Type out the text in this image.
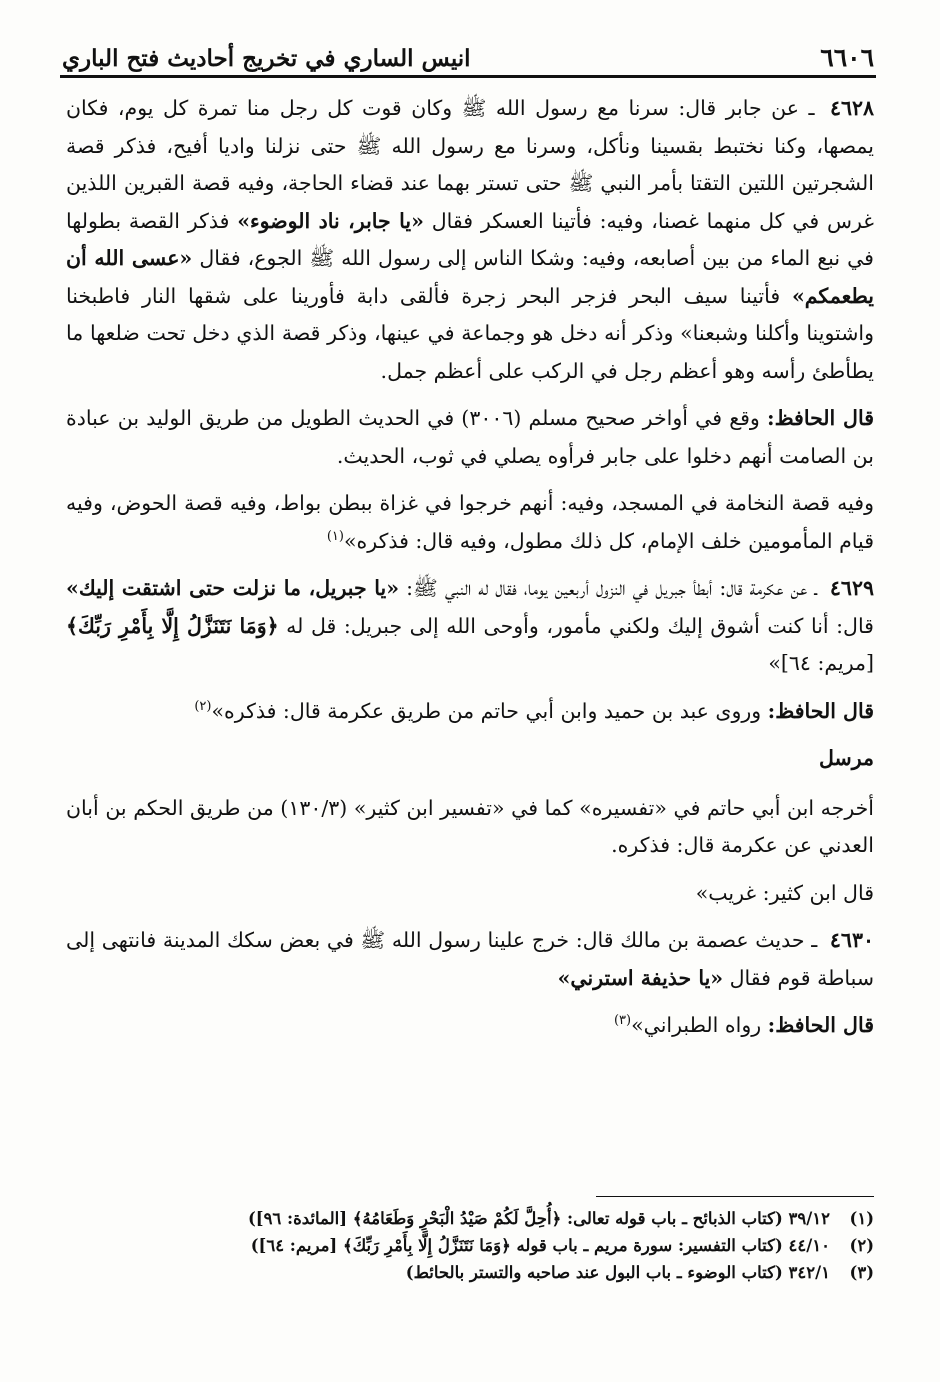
٦٦٠٦
انيس الساري في تخريج أحاديث فتح الباري

٤٦٢٨ ـ عن جابر قال: سرنا مع رسول الله ﷺ وكان قوت كل رجل منا تمرة كل يوم، فكان يمصها، وكنا نختبط بقسينا ونأكل، وسرنا مع رسول الله ﷺ حتى نزلنا واديا أفيح، فذكر قصة الشجرتين اللتين التقتا بأمر النبي ﷺ حتى تستر بهما عند قضاء الحاجة، وفيه قصة القبرين اللذين غرس في كل منهما غصنا، وفيه: فأتينا العسكر فقال «يا جابر، ناد الوضوء» فذكر القصة بطولها في نبع الماء من بين أصابعه، وفيه: وشكا الناس إلى رسول الله ﷺ الجوع، فقال «عسى الله أن يطعمكم» فأتينا سيف البحر فزجر البحر زجرة فألقى دابة فأورينا على شقها النار فاطبخنا واشتوينا وأكلنا وشبعنا» وذكر أنه دخل هو وجماعة في عينها، وذكر قصة الذي دخل تحت ضلعها ما يطأطئ رأسه وهو أعظم رجل في الركب على أعظم جمل.

قال الحافظ: وقع في أواخر صحيح مسلم (٣٠٠٦) في الحديث الطويل من طريق الوليد بن عبادة بن الصامت أنهم دخلوا على جابر فرأوه يصلي في ثوب، الحديث.

وفيه قصة النخامة في المسجد، وفيه: أنهم خرجوا في غزاة ببطن بواط، وفيه قصة الحوض، وفيه قيام المأمومين خلف الإمام، كل ذلك مطول، وفيه قال: فذكره»$^{(١)}$

٤٦٢٩ ـ عن عكرمة قال: أبطأ جبريل في النزول أربعين يوما، فقال له النبي ﷺ: «يا جبريل، ما نزلت حتى اشتقت إليك» قال: أنا كنت أشوق إليك ولكني مأمور، وأوحى الله إلى جبريل: قل له ﴿وَمَا نَتَنَزَّلُ إِلَّا بِأَمْرِ رَبِّكَ﴾ [مريم: ٦٤]»

قال الحافظ: وروى عبد بن حميد وابن أبي حاتم من طريق عكرمة قال: فذكره»$^{(٢)}$

مرسل

أخرجه ابن أبي حاتم في «تفسيره» كما في «تفسير ابن كثير» (١٣٠/٣) من طريق الحكم بن أبان العدني عن عكرمة قال: فذكره.

قال ابن كثير: غريب»

٤٦٣٠ ـ حديث عصمة بن مالك قال: خرج علينا رسول الله ﷺ في بعض سكك المدينة فانتهى إلى سباطة قوم فقال «يا حذيفة استرني»

قال الحافظ: رواه الطبراني»$^{(٣)}$

(١)
٣٩/١٢ (كتاب الذبائح ـ باب قوله تعالى: ﴿أُحِلَّ لَكُمْ صَيْدُ الْبَحْرِ وَطَعَامُهُ﴾ [المائدة: ٩٦])
(٢)
٤٤/١٠ (كتاب التفسير: سورة مريم ـ باب قوله ﴿وَمَا نَتَنَزَّلُ إِلَّا بِأَمْرِ رَبِّكَ﴾ [مريم: ٦٤])
(٣)
٣٤٢/١ (كتاب الوضوء ـ باب البول عند صاحبه والتستر بالحائط)
